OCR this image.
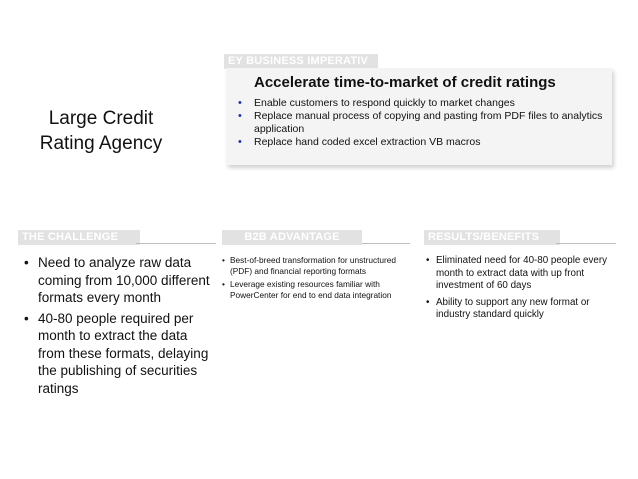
Large Credit
Rating Agency
EY BUSINESS IMPERATIV
Accelerate time-to-market of credit ratings
• Enable customers to respond quickly to market changes
• Replace manual process of copying and pasting from PDF files to analytics application
• Replace hand coded excel extraction VB macros
THE CHALLENGE
• Need to analyze raw data coming from 10,000 different formats every month
• 40-80 people required per month to extract the data from these formats, delaying the publishing of securities ratings
B2B ADVANTAGE
• Best-of-breed transformation for unstructured (PDF) and financial reporting formats
• Leverage existing resources familiar with PowerCenter for end to end data integration
RESULTS/BENEFITS
• Eliminated need for 40-80 people every month to extract data with up front investment of 60 days
• Ability to support any new format or industry standard quickly
